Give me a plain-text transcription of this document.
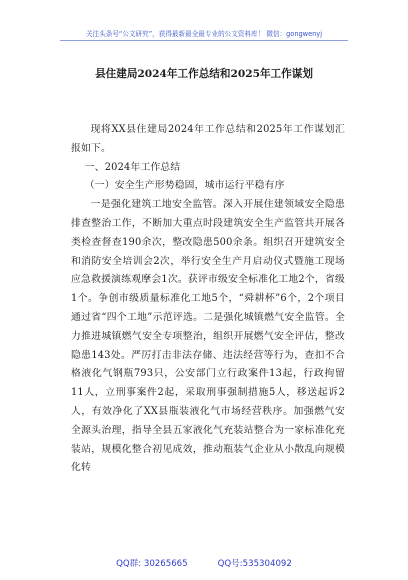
关注头条号“公文研究”，获得最新最全最专业的公文资料库！ 微信：gongwenyj
县住建局2024年工作总结和2025年工作谋划

现将XX县住建局2024年工作总结和2025年工作谋划汇报如下。

一、2024年工作总结

（一）安全生产形势稳固，城市运行平稳有序

一是强化建筑工地安全监管。深入开展住建领域安全隐患排查整治工作，不断加大重点时段建筑安全生产监管共开展各类检查督查190余次，整改隐患500余条。组织召开建筑安全和消防安全培训会2次，举行安全生产月启动仪式暨施工现场应急救援演练观摩会1次。获评市级安全标准化工地2个，省级1个。争创市级质量标准化工地5个，“舜耕杯”6个，2个项目通过省“四个工地”示范评选。二是强化城镇燃气安全监管。全力推进城镇燃气安全专项整治，组织开展燃气安全评估，整改隐患143处。严厉打击非法存储、违法经营等行为，查扣不合格液化气钢瓶793只，公安部门立行政案件13起，行政拘留11人，立刑事案件2起，采取刑事强制措施5人，移送起诉2人，有效净化了XX县瓶装液化气市场经营秩序。加强燃气安全源头治理，指导全县五家液化气充装站整合为一家标准化充装站，规模化整合初见成效，推动瓶装气企业从小散乱向规模化转

QQ群: 30265665	QQ号:535304092
